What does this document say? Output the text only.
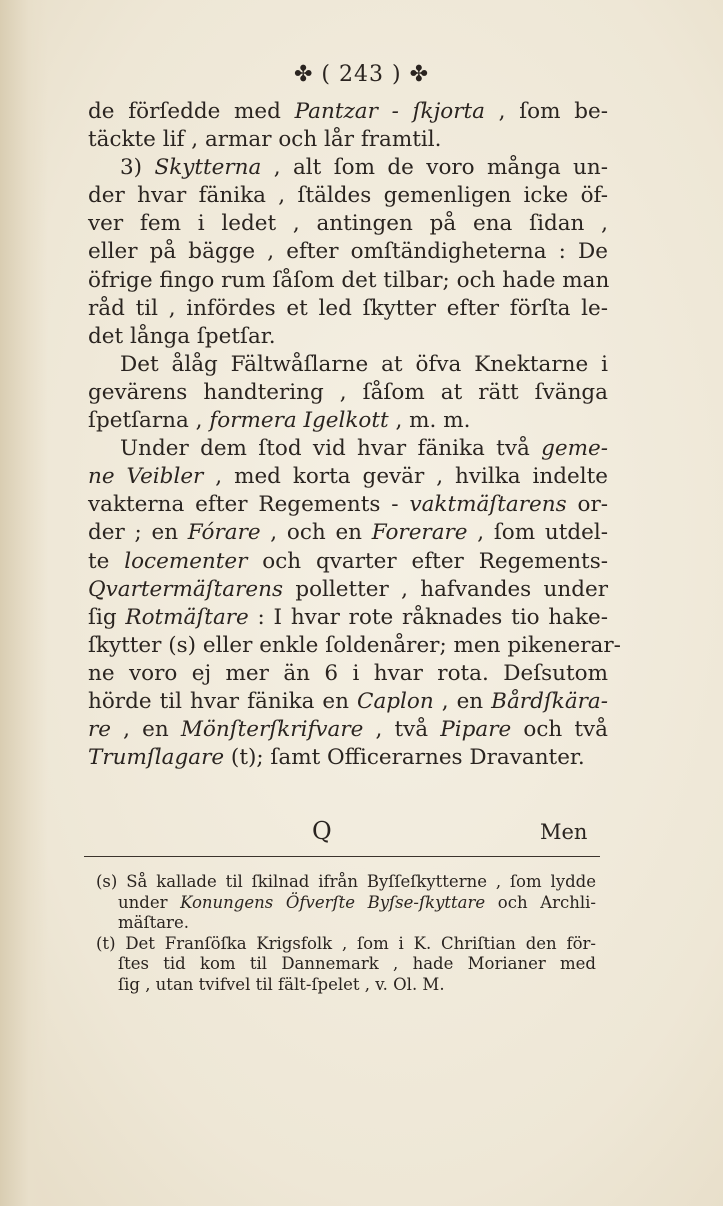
✤ ( 243 ) ✤
de förſedde med Pantzar - ſkjorta , ſom be-
täckte lif , armar och lår framtil.
3) Skytterna , alt ſom de voro många un-
der hvar fänika , ſtäldes gemenligen icke öf-
ver fem i ledet , antingen på ena ſidan ,
eller på bägge , efter omſtändigheterna : De
öfrige fingo rum ſåſom det tilbar; och hade man
råd til , infördes et led ſkytter efter förſta le-
det långa ſpetſar.
Det ålåg Fältwåſlarne at öfva Knektarne i
gevärens handtering , ſåſom at rätt ſvänga
ſpetſarna , formera Igelkott , m. m.
Under dem ſtod vid hvar fänika två geme-
ne Veibler , med korta gevär , hvilka indelte
vakterna efter Regements - vaktmäſtarens or-
der ; en Fórare , och en Forerare , ſom utdel-
te locementer och qvarter efter Regements-
Qvartermäſtarens polletter , hafvandes under
ſig Rotmäſtare : I hvar rote råknades tio hake-
ſkytter (s) eller enkle ſoldenårer; men pikenerar-
ne voro ej mer än 6 i hvar rota. Deſsutom
hörde til hvar fänika en Caplon , en Bårdſkära-
re , en Mönſterſkrifvare , två Pipare och två
Trumſlagare (t); ſamt Officerarnes Dravanter.
Q	Men
(s) Så kallade til ſkilnad ifrån Byſſeſkytterne , ſom lydde
under Konungens Öfverſte Byſse-ſkyttare och Archli-
mäſtare.
(t) Det Franſöſka Krigsfolk , ſom i K. Chriſtian den för-
ſtes tid kom til Dannemark , hade Morianer med
ſig , utan tvifvel til fält-ſpelet , v. Ol. M.
